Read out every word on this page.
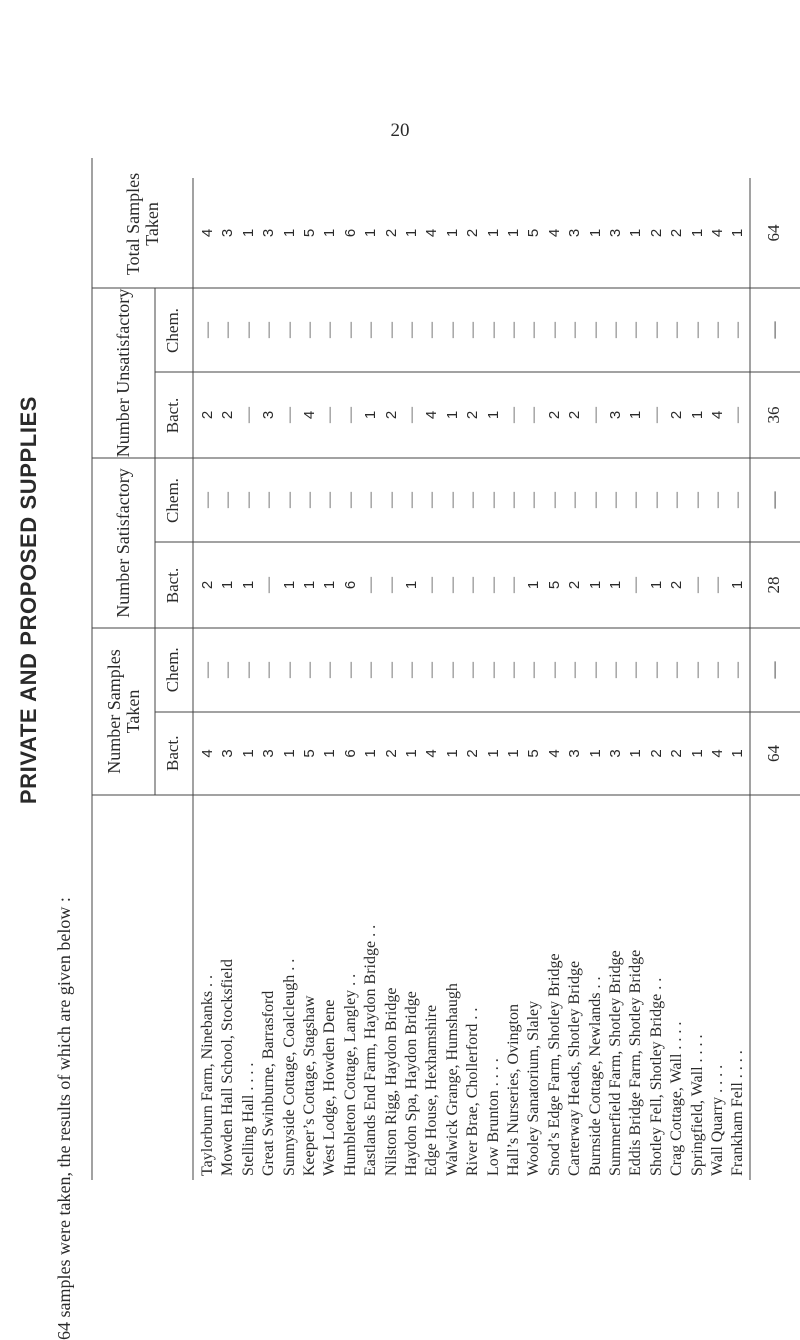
20
PRIVATE AND PROPOSED SUPPLIES
64 samples were taken, the results of which are given below :
Number Samples Taken
Bact.
Chem.
Number Satisfactory	Bact.
Chem.
Number Unsatisfactory	Bact.
Chem.
Total Samples Taken
Taylorburn Farm, Ninebanks . .
4
—
2
—
2
—
4
Mowden Hall School, Stocksfield
3
—
1
—
2
—
3
Stelling Hall . . . .
1
—
1
—
—
—
1
Great Swinburne, Barrasford
3
—
—
—
3
—
3
Sunnyside Cottage, Coalcleugh . .
1
—
1
—
—
—
1
Keeper’s Cottage, Stagshaw
5
—
1
—
4
—
5
West Lodge, Howden Dene
1
—
1
—
—
—
1
Humbleton Cottage, Langley . .
6
—
6
—
—
—
6
Eastlands End Farm, Haydon Bridge . .
1
—
—
—
1
—
1
Nilston Rigg, Haydon Bridge
2
—
—
—
2
—
2
Haydon Spa, Haydon Bridge
1
—
1
—
—
—
1
Edge House, Hexhamshire
4
—
—
—
4
—
4
Walwick Grange, Humshaugh
1
—
—
—
1
—
1
River Brae, Chollerford . .
2
—
—
—
2
—
2
Low Brunton . . . .
1
—
—
—
1
—
1
Hall’s Nurseries, Ovington
1
—
—
—
—
—
1
Wooley Sanatorium, Slaley
5
—
1
—
—
—
5
Snod’s Edge Farm, Shotley Bridge
4
—
5
—
2
—
4
Carterway Heads, Shotley Bridge
3
—
2
—
2
—
3
Burnside Cottage, Newlands . .
1
—
1
—
—
—
1
Summerfield Farm, Shotley Bridge
3
—
1
—
3
—
3
Eddis Bridge Farm, Shotley Bridge
1
—
—
—
1
—
1
Shotley Fell, Shotley Bridge . .
2
—
1
—
—
—
2
Crag Cottage, Wall . . . .
2
—
2
—
2
—
2
Springfield, Wall . . . .
1
—
—
—
1
—
1
Wall Quarry . . . .
4
—
—
—
4
—
4
Frankham Fell . . . .
1
—
1
—
—
—
1
64
—
28
—
36
—
64
